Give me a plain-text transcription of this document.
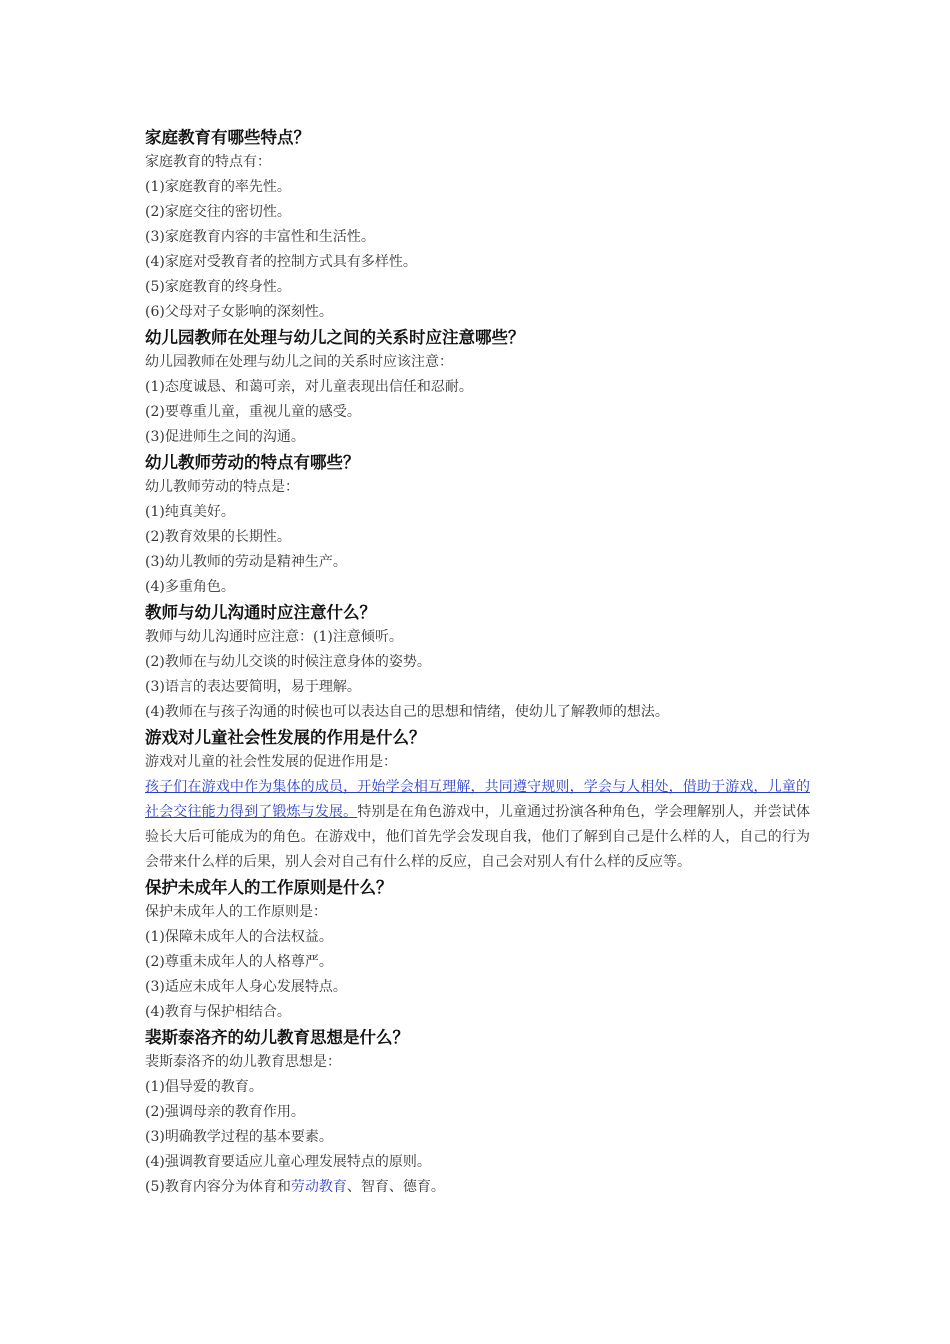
家庭教育有哪些特点？
家庭教育的特点有：
(1)家庭教育的率先性。
(2)家庭交往的密切性。
(3)家庭教育内容的丰富性和生活性。
(4)家庭对受教育者的控制方式具有多样性。
(5)家庭教育的终身性。
(6)父母对子女影响的深刻性。
幼儿园教师在处理与幼儿之间的关系时应注意哪些？
幼儿园教师在处理与幼儿之间的关系时应该注意：
(1)态度诚恳、和蔼可亲，对儿童表现出信任和忍耐。
(2)要尊重儿童，重视儿童的感受。
(3)促进师生之间的沟通。
幼儿教师劳动的特点有哪些？
幼儿教师劳动的特点是：
(1)纯真美好。
(2)教育效果的长期性。
(3)幼儿教师的劳动是精神生产。
(4)多重角色。
教师与幼儿沟通时应注意什么？
教师与幼儿沟通时应注意：(1)注意倾听。
(2)教师在与幼儿交谈的时候注意身体的姿势。
(3)语言的表达要简明，易于理解。
(4)教师在与孩子沟通的时候也可以表达自己的思想和情绪，使幼儿了解教师的想法。
游戏对儿童社会性发展的作用是什么？
游戏对儿童的社会性发展的促进作用是：
孩子们在游戏中作为集体的成员，开始学会相互理解，共同遵守规则，学会与人相处，借助于游戏，儿童的社会交往能力得到了锻炼与发展。特别是在角色游戏中，儿童通过扮演各种角色，学会理解别人，并尝试体验长大后可能成为的角色。在游戏中，他们首先学会发现自我，他们了解到自己是什么样的人，自己的行为会带来什么样的后果，别人会对自己有什么样的反应，自己会对别人有什么样的反应等。
保护未成年人的工作原则是什么？
保护未成年人的工作原则是：
(1)保障未成年人的合法权益。
(2)尊重未成年人的人格尊严。
(3)适应未成年人身心发展特点。
(4)教育与保护相结合。
裴斯泰洛齐的幼儿教育思想是什么？
裴斯泰洛齐的幼儿教育思想是：
(1)倡导爱的教育。
(2)强调母亲的教育作用。
(3)明确教学过程的基本要素。
(4)强调教育要适应儿童心理发展特点的原则。
(5)教育内容分为体育和劳动教育、智育、德育。
